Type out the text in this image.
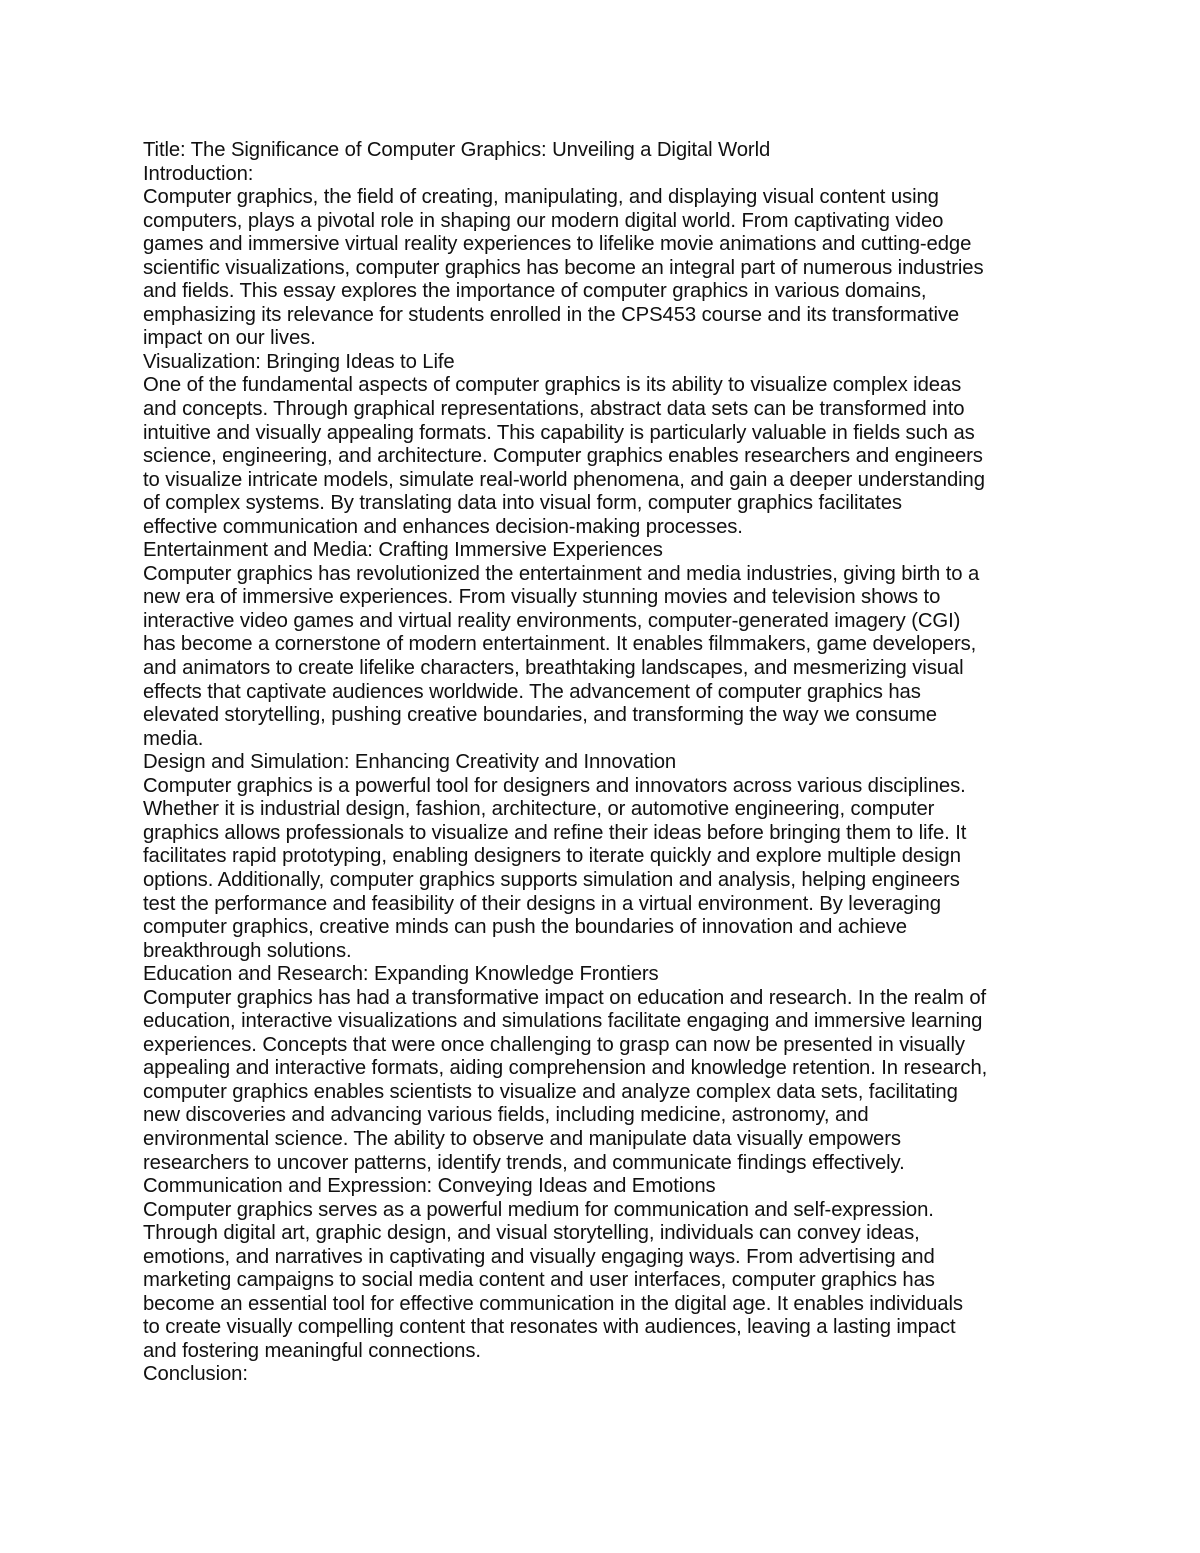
Title: The Significance of Computer Graphics: Unveiling a Digital World
Introduction:
Computer graphics, the field of creating, manipulating, and displaying visual content using
computers, plays a pivotal role in shaping our modern digital world. From captivating video
games and immersive virtual reality experiences to lifelike movie animations and cutting-edge
scientific visualizations, computer graphics has become an integral part of numerous industries
and fields. This essay explores the importance of computer graphics in various domains,
emphasizing its relevance for students enrolled in the CPS453 course and its transformative
impact on our lives.
Visualization: Bringing Ideas to Life
One of the fundamental aspects of computer graphics is its ability to visualize complex ideas
and concepts. Through graphical representations, abstract data sets can be transformed into
intuitive and visually appealing formats. This capability is particularly valuable in fields such as
science, engineering, and architecture. Computer graphics enables researchers and engineers
to visualize intricate models, simulate real-world phenomena, and gain a deeper understanding
of complex systems. By translating data into visual form, computer graphics facilitates
effective communication and enhances decision-making processes.
Entertainment and Media: Crafting Immersive Experiences
Computer graphics has revolutionized the entertainment and media industries, giving birth to a
new era of immersive experiences. From visually stunning movies and television shows to
interactive video games and virtual reality environments, computer-generated imagery (CGI)
has become a cornerstone of modern entertainment. It enables filmmakers, game developers,
and animators to create lifelike characters, breathtaking landscapes, and mesmerizing visual
effects that captivate audiences worldwide. The advancement of computer graphics has
elevated storytelling, pushing creative boundaries, and transforming the way we consume
media.
Design and Simulation: Enhancing Creativity and Innovation
Computer graphics is a powerful tool for designers and innovators across various disciplines.
Whether it is industrial design, fashion, architecture, or automotive engineering, computer
graphics allows professionals to visualize and refine their ideas before bringing them to life. It
facilitates rapid prototyping, enabling designers to iterate quickly and explore multiple design
options. Additionally, computer graphics supports simulation and analysis, helping engineers
test the performance and feasibility of their designs in a virtual environment. By leveraging
computer graphics, creative minds can push the boundaries of innovation and achieve
breakthrough solutions.
Education and Research: Expanding Knowledge Frontiers
Computer graphics has had a transformative impact on education and research. In the realm of
education, interactive visualizations and simulations facilitate engaging and immersive learning
experiences. Concepts that were once challenging to grasp can now be presented in visually
appealing and interactive formats, aiding comprehension and knowledge retention. In research,
computer graphics enables scientists to visualize and analyze complex data sets, facilitating
new discoveries and advancing various fields, including medicine, astronomy, and
environmental science. The ability to observe and manipulate data visually empowers
researchers to uncover patterns, identify trends, and communicate findings effectively.
Communication and Expression: Conveying Ideas and Emotions
Computer graphics serves as a powerful medium for communication and self-expression.
Through digital art, graphic design, and visual storytelling, individuals can convey ideas,
emotions, and narratives in captivating and visually engaging ways. From advertising and
marketing campaigns to social media content and user interfaces, computer graphics has
become an essential tool for effective communication in the digital age. It enables individuals
to create visually compelling content that resonates with audiences, leaving a lasting impact
and fostering meaningful connections.
Conclusion:
